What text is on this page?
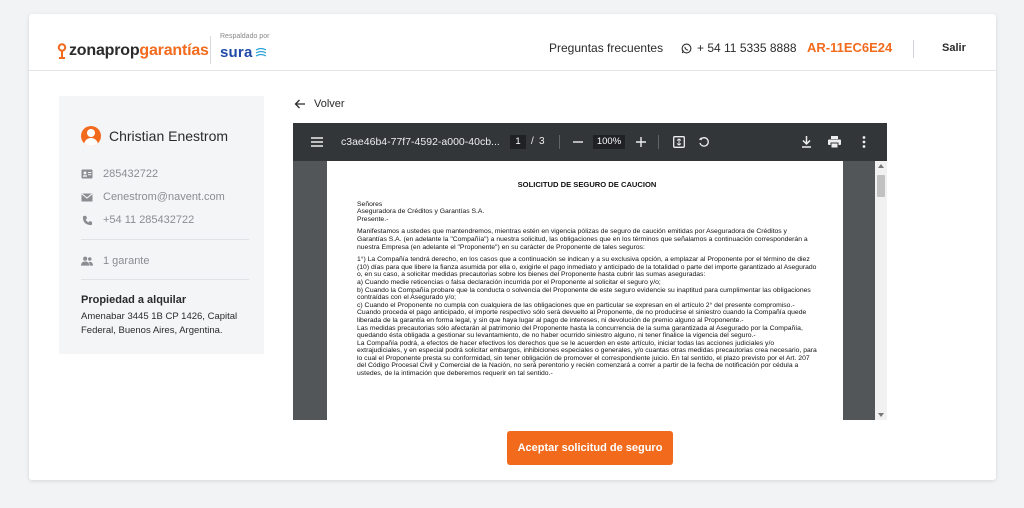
zonaprop garantías
Respaldado por
sura	Preguntas frecuentes	+ 54 11 5335 8888 AR-11EC6E24	Salir
Christian Enestrom
285432722
Cenestrom@navent.com
+54 11 285432722
1 garante
Propiedad a alquilar
Amenabar 3445 1B CP 1426, Capital Federal, Buenos Aires, Argentina.
Volver
c3ae46b4-77f7-4592-a000-40cb...	1	/ 3	100%
SOLICITUD DE SEGURO DE CAUCION

Señores
Aseguradora de Créditos y Garantías S.A.
Presente.-

Manifestamos a ustedes que mantendremos, mientras estén en vigencia pólizas de seguro de caución emitidas por Aseguradora de Créditos y Garantías S.A. (en adelante la "Compañía") a nuestra solicitud, las obligaciones que en los términos que señalamos a continuación corresponderán a nuestra Empresa (en adelante el "Proponente") en su carácter de Proponente de tales seguros:

1°) La Compañía tendrá derecho, en los casos que a continuación se indican y a su exclusiva opción, a emplazar al Proponente por el término de diez (10) días para que libere la fianza asumida por ella o, exigirle el pago inmediato y anticipado de la totalidad o parte del importe garantizado al Asegurado o, en su caso, a solicitar medidas precautorias sobre los bienes del Proponente hasta cubrir las sumas aseguradas:
a) Cuando medie reticencias o falsa declaración incurrida por el Proponente al solicitar el seguro y/o;
b) Cuando la Compañía probare que la conducta o solvencia del Proponente de este seguro evidencie su inaptitud para cumplimentar las obligaciones contraídas con el Asegurado y/o;
c) Cuando el Proponente no cumpla con cualquiera de las obligaciones que en particular se expresan en el artículo 2° del presente compromiso.-
Cuando proceda el pago anticipado, el importe respectivo sólo será devuelto al Proponente, de no producirse el siniestro cuando la Compañía quede liberada de la garantía en forma legal, y sin que haya lugar al pago de intereses, ni devolución de premio alguno al Proponente.-
Las medidas precautorias sólo afectarán al patrimonio del Proponente hasta la concurrencia de la suma garantizada al Asegurado por la Compañía, quedando ésta obligada a gestionar su levantamiento, de no haber ocurrido siniestro alguno, ni tener finalice la vigencia del seguro.-
La Compañía podrá, a efectos de hacer efectivos los derechos que se le acuerden en este artículo, iniciar todas las acciones judiciales y/o extrajudiciales, y en especial podrá solicitar embargos, inhibiciones especiales o generales, y/o cuantas otras medidas precautorias crea necesario, para lo cual el Proponente presta su conformidad, sin tener obligación de promover el correspondiente juicio. En tal sentido, el plazo previsto por el Art. 207 del Código Procesal Civil y Comercial de la Nación, no será perentorio y recién comenzará a correr a partir de la fecha de notificación por cédula a ustedes, de la intimación que deberemos requerir en tal sentido.-

Aceptar solicitud de seguro
